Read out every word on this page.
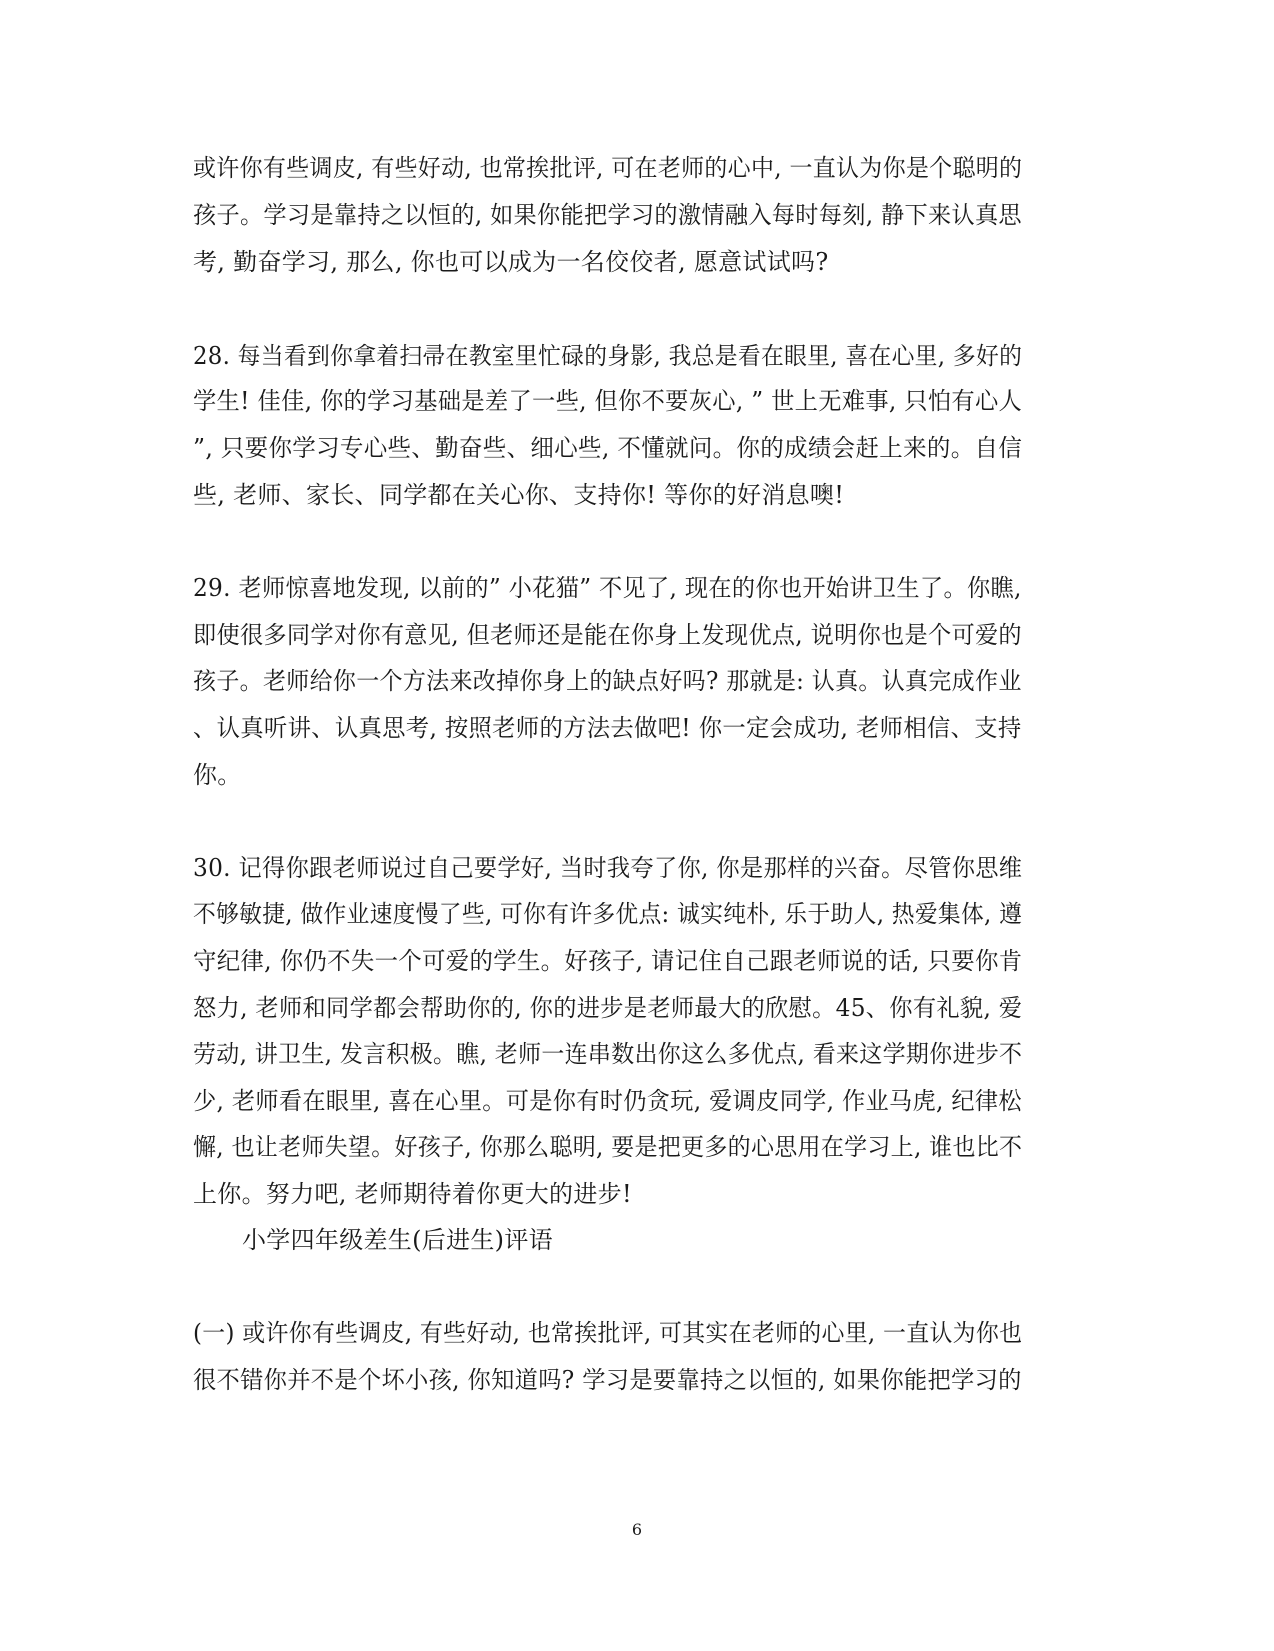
或许你有些调皮, 有些好动, 也常挨批评, 可在老师的心中, 一直认为你是个聪明的
孩子。学习是靠持之以恒的, 如果你能把学习的激情融入每时每刻, 静下来认真思
考, 勤奋学习, 那么, 你也可以成为一名佼佼者, 愿意试试吗?
28. 每当看到你拿着扫帚在教室里忙碌的身影, 我总是看在眼里, 喜在心里, 多好的
学生! 佳佳, 你的学习基础是差了一些, 但你不要灰心, ” 世上无难事, 只怕有心人
”, 只要你学习专心些、勤奋些、细心些, 不懂就问。你的成绩会赶上来的。自信
些, 老师、家长、同学都在关心你、支持你! 等你的好消息噢!
29. 老师惊喜地发现, 以前的” 小花猫” 不见了, 现在的你也开始讲卫生了。你瞧,
即使很多同学对你有意见, 但老师还是能在你身上发现优点, 说明你也是个可爱的
孩子。老师给你一个方法来改掉你身上的缺点好吗? 那就是: 认真。认真完成作业
、认真听讲、认真思考, 按照老师的方法去做吧! 你一定会成功, 老师相信、支持
你。
30. 记得你跟老师说过自己要学好, 当时我夸了你, 你是那样的兴奋。尽管你思维
不够敏捷, 做作业速度慢了些, 可你有许多优点: 诚实纯朴, 乐于助人, 热爱集体, 遵
守纪律, 你仍不失一个可爱的学生。好孩子, 请记住自己跟老师说的话, 只要你肯
怒力, 老师和同学都会帮助你的, 你的进步是老师最大的欣慰。45、你有礼貌, 爱
劳动, 讲卫生, 发言积极。瞧, 老师一连串数出你这么多优点, 看来这学期你进步不
少, 老师看在眼里, 喜在心里。可是你有时仍贪玩, 爱调皮同学, 作业马虎, 纪律松
懈, 也让老师失望。好孩子, 你那么聪明, 要是把更多的心思用在学习上, 谁也比不
上你。努力吧, 老师期待着你更大的进步!
小学四年级差生(后进生)评语
(一) 或许你有些调皮, 有些好动, 也常挨批评, 可其实在老师的心里, 一直认为你也
很不错你并不是个坏小孩, 你知道吗? 学习是要靠持之以恒的, 如果你能把学习的
6
